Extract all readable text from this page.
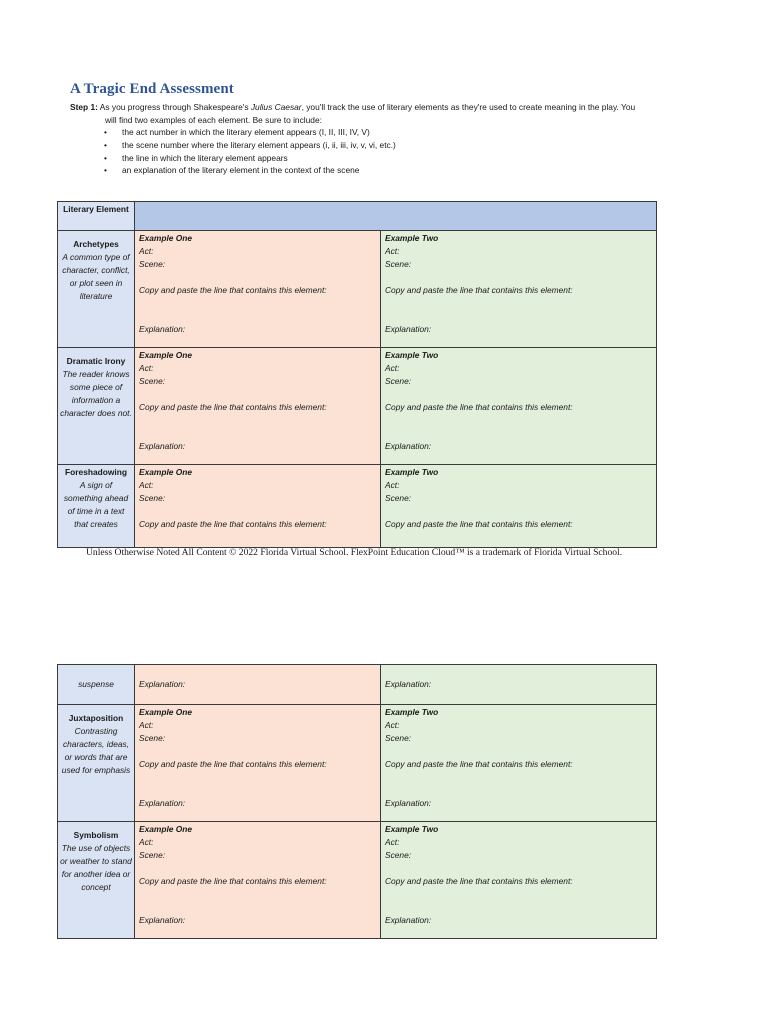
A Tragic End Assessment
Step 1: As you progress through Shakespeare's Julius Caesar, you'll track the use of literary elements as they're used to create meaning in the play. You
will find two examples of each element. Be sure to include:
• the act number in which the literary element appears (I, II, III, IV, V)
• the scene number where the literary element appears (i, ii, iii, iv, v, vi, etc.)
• the line in which the literary element appears
• an explanation of the literary element in the context of the scene
Literary Element		

Archetypes
A common type of character, conflict, or plot seen in literature	Example One
Act:
Scene:
Copy and paste the line that contains this element:
Explanation:	Example Two
Act:
Scene:
Copy and paste the line that contains this element:
Explanation:

Dramatic Irony
The reader knows some piece of information a character does not.	Example One
Act:
Scene:
Copy and paste the line that contains this element:
Explanation:	Example Two
Act:
Scene:
Copy and paste the line that contains this element:
Explanation:

Foreshadowing
A sign of something ahead of time in a text that creates	Example One
Act:
Scene:
Copy and paste the line that contains this element:	Example Two
Act:
Scene:
Copy and paste the line that contains this element:
Unless Otherwise Noted All Content © 2022 Florida Virtual School. FlexPoint Education Cloud™ is a trademark of Florida Virtual School.
suspense	Explanation:	Explanation:

Juxtaposition
Contrasting characters, ideas, or words that are used for emphasis	Example One
Act:
Scene:
Copy and paste the line that contains this element:
Explanation:	Example Two
Act:
Scene:
Copy and paste the line that contains this element:
Explanation:

Symbolism
The use of objects or weather to stand for another idea or concept	Example One
Act:
Scene:
Copy and paste the line that contains this element:
Explanation:	Example Two
Act:
Scene:
Copy and paste the line that contains this element:
Explanation:
